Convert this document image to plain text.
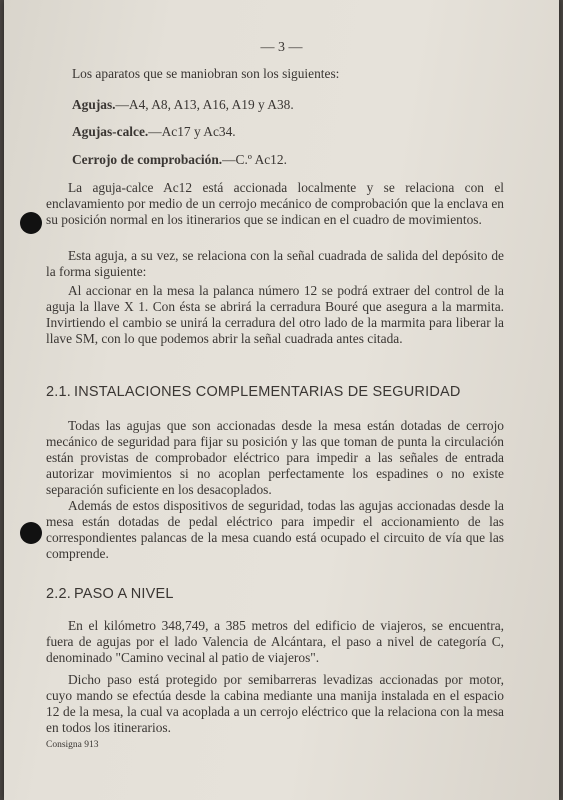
— 3 —
Los aparatos que se maniobran son los siguientes:
Agujas.—A4, A8, A13, A16, A19 y A38.
Agujas-calce.—Ac17 y Ac34.
Cerrojo de comprobación.—C.º Ac12.

La aguja-calce Ac12 está accionada localmente y se relaciona con el enclavamiento por medio de un cerrojo mecánico de comprobación que la enclava en su posición normal en los itinerarios que se indican en el cuadro de movimientos.

Esta aguja, a su vez, se relaciona con la señal cuadrada de salida del depósito de la forma siguiente:

Al accionar en la mesa la palanca número 12 se podrá extraer del control de la aguja la llave X 1. Con ésta se abrirá la cerradura Bouré que asegura a la marmita. Invirtiendo el cambio se unirá la cerradura del otro lado de la marmita para liberar la llave SM, con lo que podemos abrir la señal cuadrada antes citada.

2.1. INSTALACIONES COMPLEMENTARIAS DE SEGURIDAD

Todas las agujas que son accionadas desde la mesa están dotadas de cerrojo mecánico de seguridad para fijar su posición y las que toman de punta la circulación están provistas de comprobador eléctrico para impedir a las señales de entrada autorizar movimientos si no acoplan perfectamente los espadines o no existe separación suficiente en los desacoplados.

Además de estos dispositivos de seguridad, todas las agujas accionadas desde la mesa están dotadas de pedal eléctrico para impedir el accionamiento de las correspondientes palancas de la mesa cuando está ocupado el circuito de vía que las comprende.

2.2. PASO A NIVEL

En el kilómetro 348,749, a 385 metros del edificio de viajeros, se encuentra, fuera de agujas por el lado Valencia de Alcántara, el paso a nivel de categoría C, denominado "Camino vecinal al patio de viajeros".

Dicho paso está protegido por semibarreras levadizas accionadas por motor, cuyo mando se efectúa desde la cabina mediante una manija instalada en el espacio 12 de la mesa, la cual va acoplada a un cerrojo eléctrico que la relaciona con la mesa en todos los itinerarios.

Consigna 913
